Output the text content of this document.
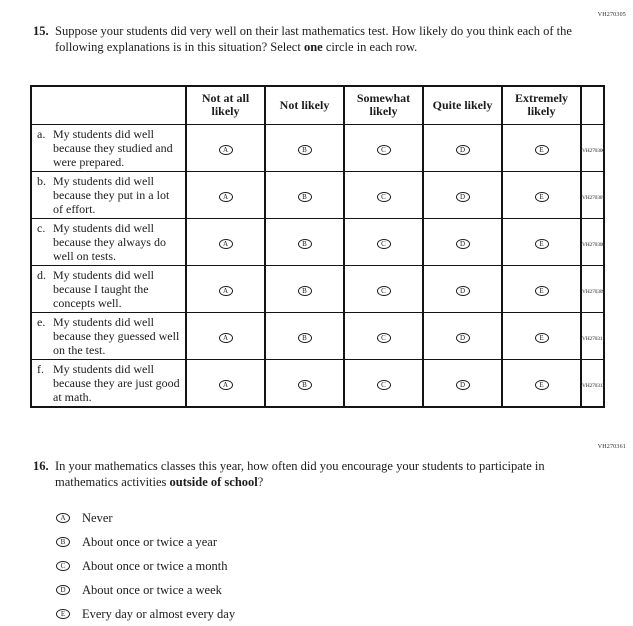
VH270305
15. Suppose your students did very well on their last mathematics test. How likely do you think each of the following explanations is in this situation? Select one circle in each row.
	Not at all likely	Not likely	Somewhat likely	Quite likely	Extremely likely	

a. My students did well because they studied and were prepared.	A	B	C	D	E	VH270306

b. My students did well because they put in a lot of effort.	A	B	C	D	E	VH270307

c. My students did well because they always do well on tests.	A	B	C	D	E	VH270308

d. My students did well because I taught the concepts well.	A	B	C	D	E	VH270309

e. My students did well because they guessed well on the test.	A	B	C	D	E	VH270311

f. My students did well because they are just good at math.	A	B	C	D	E	VH270313
VH270361
16. In your mathematics classes this year, how often did you encourage your students to participate in mathematics activities outside of school?
A	Never
B	About once or twice a year
C	About once or twice a month
D	About once or twice a week
E	Every day or almost every day
